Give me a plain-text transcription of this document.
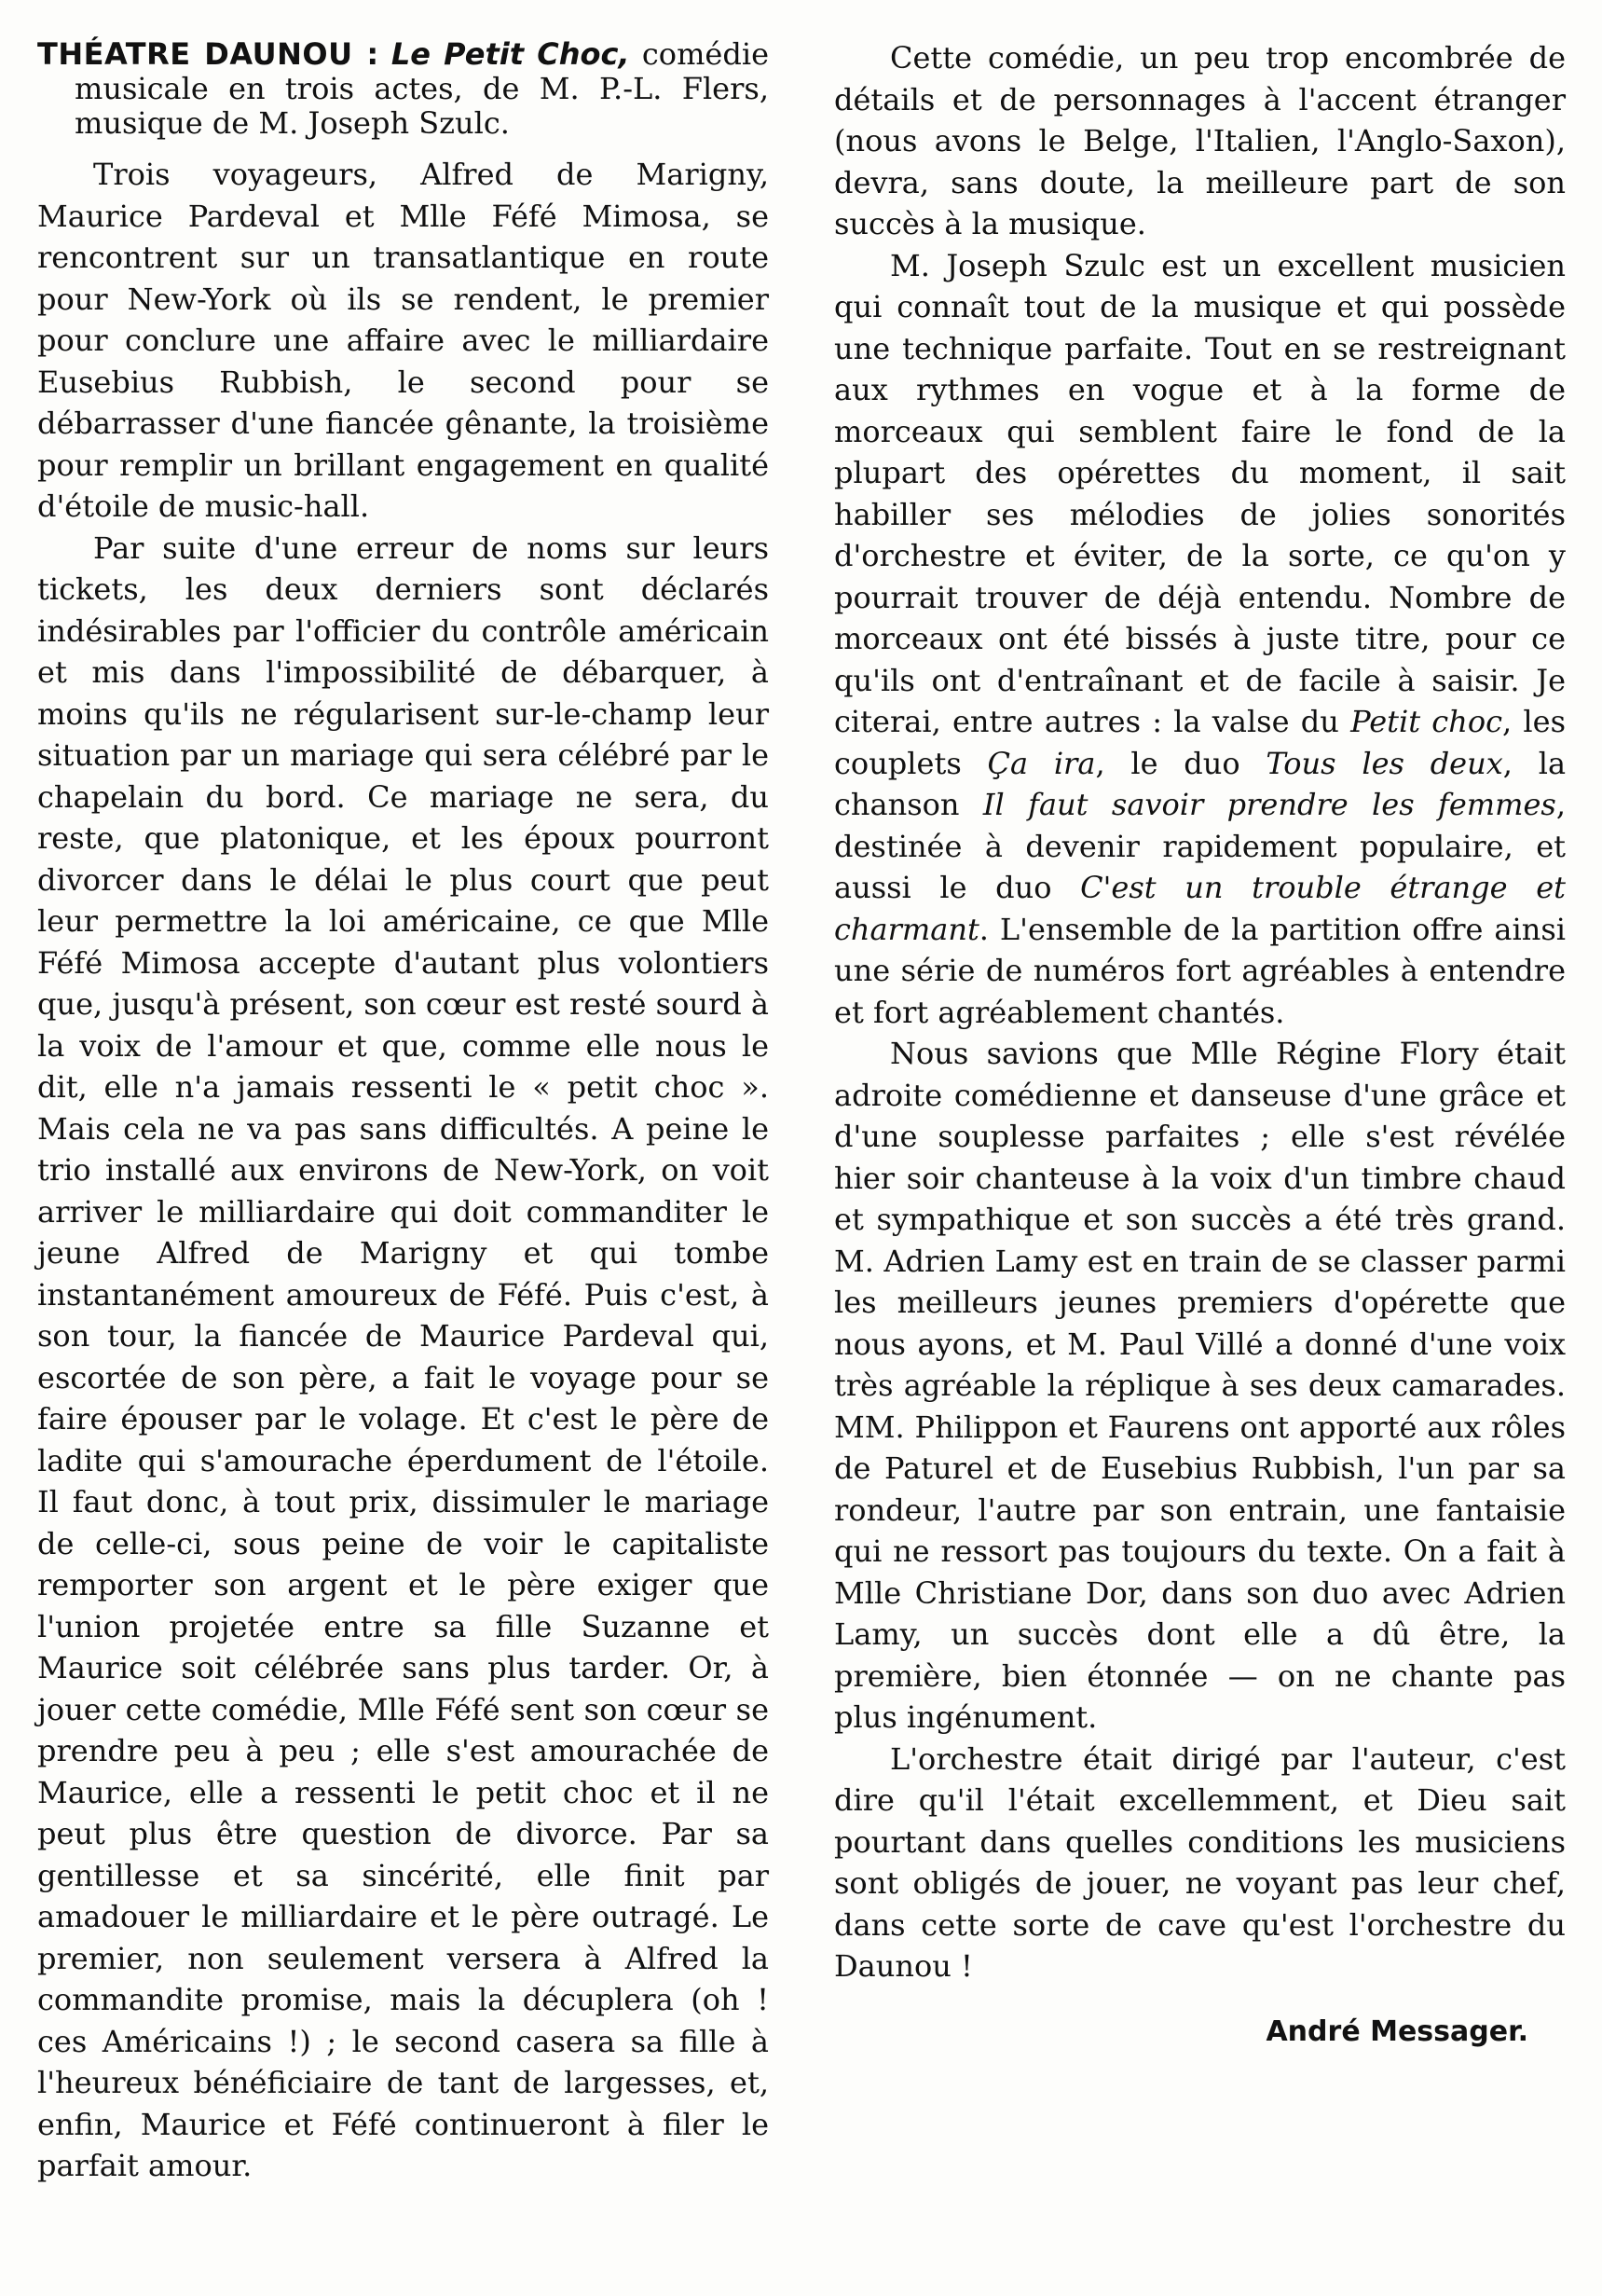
THÉATRE DAUNOU : Le Petit Choc, comédie musicale en trois actes, de M. P.-L. Flers, musique de M. Joseph Szulc.

Trois voyageurs, Alfred de Marigny, Maurice Pardeval et Mlle Féfé Mimosa, se rencontrent sur un transatlantique en route pour New-York où ils se rendent, le premier pour conclure une affaire avec le milliardaire Eusebius Rubbish, le second pour se débarrasser d'une fiancée gênante, la troisième pour remplir un brillant engagement en qualité d'étoile de music-hall.

Par suite d'une erreur de noms sur leurs tickets, les deux derniers sont déclarés indésirables par l'officier du contrôle américain et mis dans l'impossibilité de débarquer, à moins qu'ils ne régularisent sur-le-champ leur situation par un mariage qui sera célébré par le chapelain du bord. Ce mariage ne sera, du reste, que platonique, et les époux pourront divorcer dans le délai le plus court que peut leur permettre la loi américaine, ce que Mlle Féfé Mimosa accepte d'autant plus volontiers que, jusqu'à présent, son cœur est resté sourd à la voix de l'amour et que, comme elle nous le dit, elle n'a jamais ressenti le « petit choc ». Mais cela ne va pas sans difficultés. A peine le trio installé aux environs de New-York, on voit arriver le milliardaire qui doit commanditer le jeune Alfred de Marigny et qui tombe instantanément amoureux de Féfé. Puis c'est, à son tour, la fiancée de Maurice Pardeval qui, escortée de son père, a fait le voyage pour se faire épouser par le volage. Et c'est le père de ladite qui s'amourache éperdument de l'étoile. Il faut donc, à tout prix, dissimuler le mariage de celle-ci, sous peine de voir le capitaliste remporter son argent et le père exiger que l'union projetée entre sa fille Suzanne et Maurice soit célébrée sans plus tarder. Or, à jouer cette comédie, Mlle Féfé sent son cœur se prendre peu à peu ; elle s'est amourachée de Maurice, elle a ressenti le petit choc et il ne peut plus être question de divorce. Par sa gentillesse et sa sincérité, elle finit par amadouer le milliardaire et le père outragé. Le premier, non seulement versera à Alfred la commandite promise, mais la décuplera (oh ! ces Américains !) ; le second casera sa fille à l'heureux bénéficiaire de tant de largesses, et, enfin, Maurice et Féfé continueront à filer le parfait amour.

Cette comédie, un peu trop encombrée de détails et de personnages à l'accent étranger (nous avons le Belge, l'Italien, l'Anglo-Saxon), devra, sans doute, la meilleure part de son succès à la musique.

M. Joseph Szulc est un excellent musicien qui connaît tout de la musique et qui possède une technique parfaite. Tout en se restreignant aux rythmes en vogue et à la forme de morceaux qui semblent faire le fond de la plupart des opérettes du moment, il sait habiller ses mélodies de jolies sonorités d'orchestre et éviter, de la sorte, ce qu'on y pourrait trouver de déjà entendu. Nombre de morceaux ont été bissés à juste titre, pour ce qu'ils ont d'entraînant et de facile à saisir. Je citerai, entre autres : la valse du Petit choc, les couplets Ça ira, le duo Tous les deux, la chanson Il faut savoir prendre les femmes, destinée à devenir rapidement populaire, et aussi le duo C'est un trouble étrange et charmant. L'ensemble de la partition offre ainsi une série de numéros fort agréables à entendre et fort agréablement chantés.

Nous savions que Mlle Régine Flory était adroite comédienne et danseuse d'une grâce et d'une souplesse parfaites ; elle s'est révélée hier soir chanteuse à la voix d'un timbre chaud et sympathique et son succès a été très grand. M. Adrien Lamy est en train de se classer parmi les meilleurs jeunes premiers d'opérette que nous ayons, et M. Paul Villé a donné d'une voix très agréable la réplique à ses deux camarades. MM. Philippon et Faurens ont apporté aux rôles de Paturel et de Eusebius Rubbish, l'un par sa rondeur, l'autre par son entrain, une fantaisie qui ne ressort pas toujours du texte. On a fait à Mlle Christiane Dor, dans son duo avec Adrien Lamy, un succès dont elle a dû être, la première, bien étonnée — on ne chante pas plus ingénument.

L'orchestre était dirigé par l'auteur, c'est dire qu'il l'était excellemment, et Dieu sait pourtant dans quelles conditions les musiciens sont obligés de jouer, ne voyant pas leur chef, dans cette sorte de cave qu'est l'orchestre du Daunou !

André Messager.
